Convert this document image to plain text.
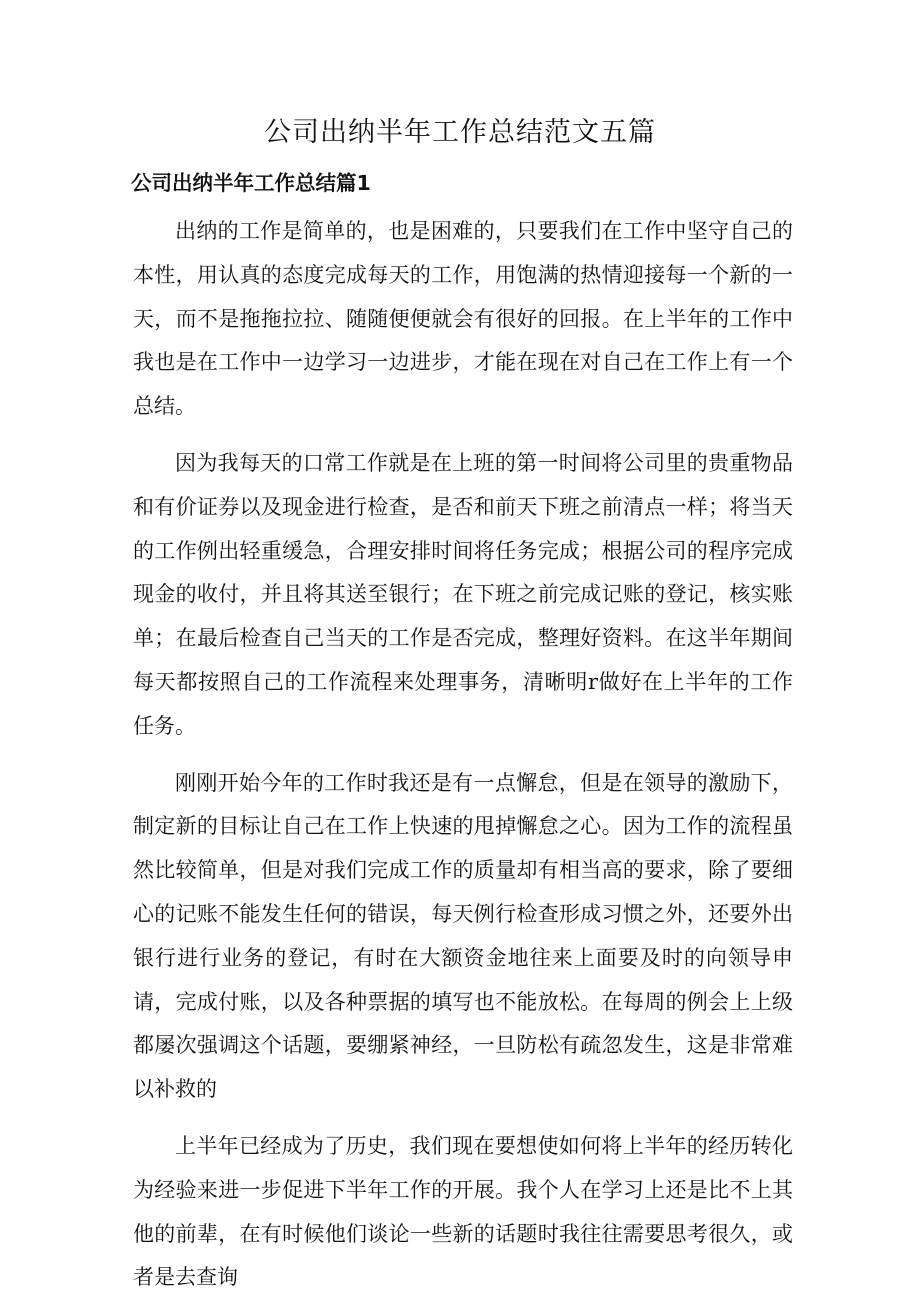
公司出纳半年工作总结范文五篇
公司出纳半年工作总结篇1

出纳的工作是简单的，也是困难的，只要我们在工作中坚守自己的本性，用认真的态度完成每天的工作，用饱满的热情迎接每一个新的一天，而不是拖拖拉拉、随随便便就会有很好的回报。在上半年的工作中我也是在工作中一边学习一边进步，才能在现在对自己在工作上有一个总结。

因为我每天的口常工作就是在上班的第一时间将公司里的贵重物品和有价证券以及现金进行检查，是否和前天下班之前清点一样；将当天的工作例出轻重缓急，合理安排时间将任务完成；根据公司的程序完成现金的收付，并且将其送至银行；在下班之前完成记账的登记，核实账单；在最后检查自己当天的工作是否完成，整理好资料。在这半年期间每天都按照自己的工作流程来处理事务，清晰明r做好在上半年的工作任务。

刚刚开始今年的工作时我还是有一点懈怠，但是在领导的激励下，制定新的目标让自己在工作上快速的甩掉懈怠之心。因为工作的流程虽然比较简单，但是对我们完成工作的质量却有相当高的要求，除了要细心的记账不能发生任何的错误，每天例行检查形成习惯之外，还要外出银行进行业务的登记，有时在大额资金地往来上面要及时的向领导申请，完成付账，以及各种票据的填写也不能放松。在每周的例会上上级都屡次强调这个话题，要绷紧神经，一旦防松有疏忽发生，这是非常难以补救的

上半年已经成为了历史，我们现在要想使如何将上半年的经历转化为经验来进一步促进下半年工作的开展。我个人在学习上还是比不上其他的前辈，在有时候他们谈论一些新的话题时我往往需要思考很久，或者是去查询
